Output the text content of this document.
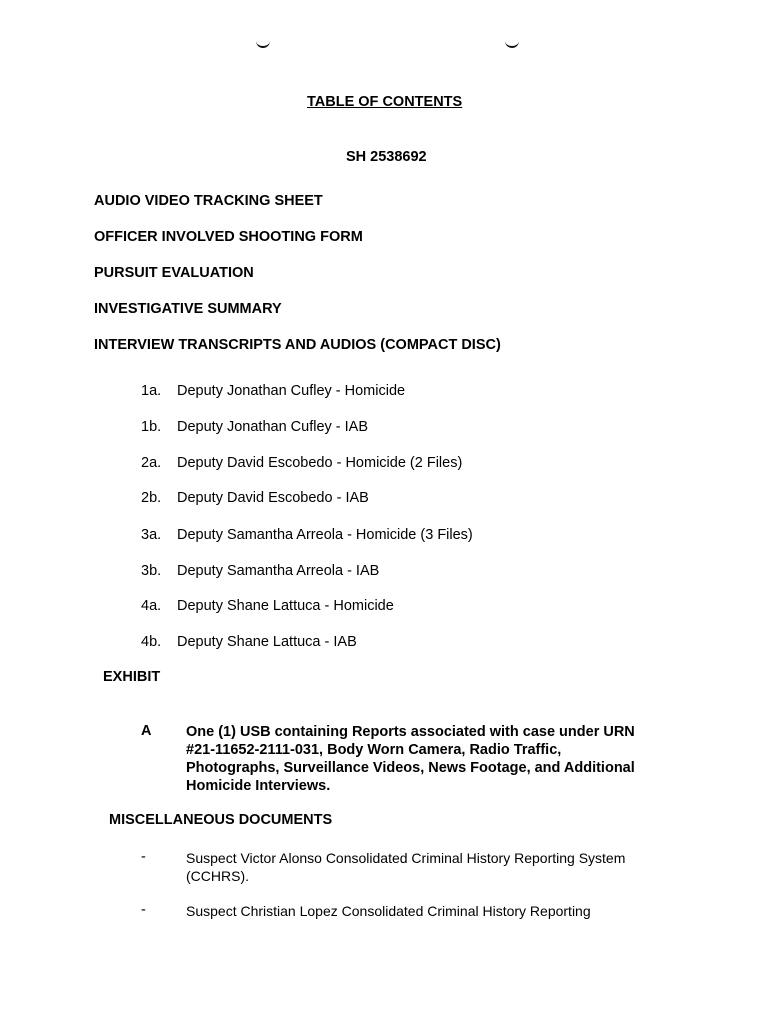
TABLE OF CONTENTS
SH 2538692
AUDIO VIDEO TRACKING SHEET
OFFICER INVOLVED SHOOTING FORM
PURSUIT EVALUATION
INVESTIGATIVE SUMMARY
INTERVIEW TRANSCRIPTS AND AUDIOS (COMPACT DISC)
1a. Deputy Jonathan Cufley - Homicide
1b. Deputy Jonathan Cufley - IAB
2a. Deputy David Escobedo - Homicide (2 Files)
2b. Deputy David Escobedo - IAB
3a. Deputy Samantha Arreola - Homicide (3 Files)
3b. Deputy Samantha Arreola - IAB
4a. Deputy Shane Lattuca - Homicide
4b. Deputy Shane Lattuca - IAB
EXHIBIT
A One (1) USB containing Reports associated with case under URN #21-11652-2111-031, Body Worn Camera, Radio Traffic, Photographs, Surveillance Videos, News Footage, and Additional Homicide Interviews.
MISCELLANEOUS DOCUMENTS
-	Suspect Victor Alonso Consolidated Criminal History Reporting System (CCHRS).
-	Suspect Christian Lopez Consolidated Criminal History Reporting
